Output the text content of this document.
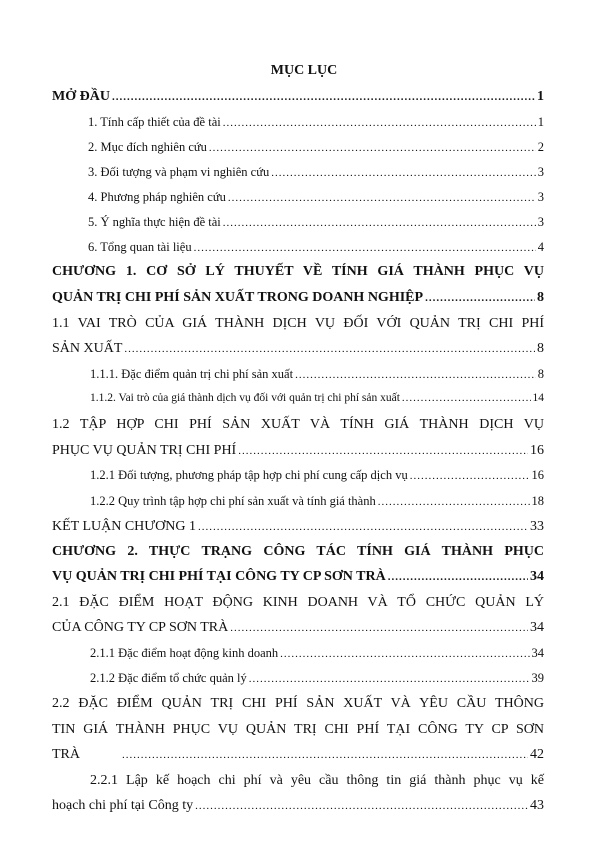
MỤC LỤC
MỞ ĐẦU .....	1
1. Tính cấp thiết của đề tài .....	1
2. Mục đích nghiên cứu .....	2
3. Đối tượng và phạm vi nghiên cứu .....	3
4. Phương pháp nghiên cứu .....	3
5. Ý nghĩa thực hiện đề tài .....	3
6. Tổng quan tài liệu .....	4
CHƯƠNG 1. CƠ SỞ LÝ THUYẾT VỀ TÍNH GIÁ THÀNH PHỤC VỤ
QUẢN TRỊ CHI PHÍ SẢN XUẤT TRONG DOANH NGHIỆP .....	8
1.1 VAI TRÒ CỦA GIÁ THÀNH DỊCH VỤ ĐỐI VỚI QUẢN TRỊ CHI PHÍ
SẢN XUẤT .....	8
1.1.1. Đặc điểm quản trị chi phí sản xuất .....	8
1.1.2. Vai trò của giá thành dịch vụ đối với quản trị chi phí sản xuất .....	14
1.2 TẬP HỢP CHI PHÍ SẢN XUẤT VÀ TÍNH GIÁ THÀNH DỊCH VỤ
PHỤC VỤ QUẢN TRỊ CHI PHÍ .....	16
1.2.1 Đối tượng, phương pháp tập hợp chi phí cung cấp dịch vụ .....	16
1.2.2 Quy trình tập hợp chi phí sản xuất và tính giá thành .....	18
KẾT LUẬN CHƯƠNG 1 .....	33
CHƯƠNG 2. THỰC TRẠNG CÔNG TÁC TÍNH GIÁ THÀNH PHỤC
VỤ QUẢN TRỊ CHI PHÍ TẠI CÔNG TY CP SƠN TRÀ .....	34
2.1 ĐẶC ĐIỂM HOẠT ĐỘNG KINH DOANH VÀ TỔ CHỨC QUẢN LÝ
CỦA CÔNG TY CP SƠN TRÀ .....	34
2.1.1 Đặc điểm hoạt động kinh doanh .....	34
2.1.2 Đặc điểm tổ chức quản lý .....	39
2.2 ĐẶC ĐIỂM QUẢN TRỊ CHI PHÍ SẢN XUẤT VÀ YÊU CẦU THÔNG
TIN GIÁ THÀNH PHỤC VỤ QUẢN TRỊ CHI PHÍ TẠI CÔNG TY CP SƠN
TRÀ .....	42
2.2.1 Lập kế hoạch chi phí và yêu cầu thông tin giá thành phục vụ kế
hoạch chi phí tại Công ty .....	43
